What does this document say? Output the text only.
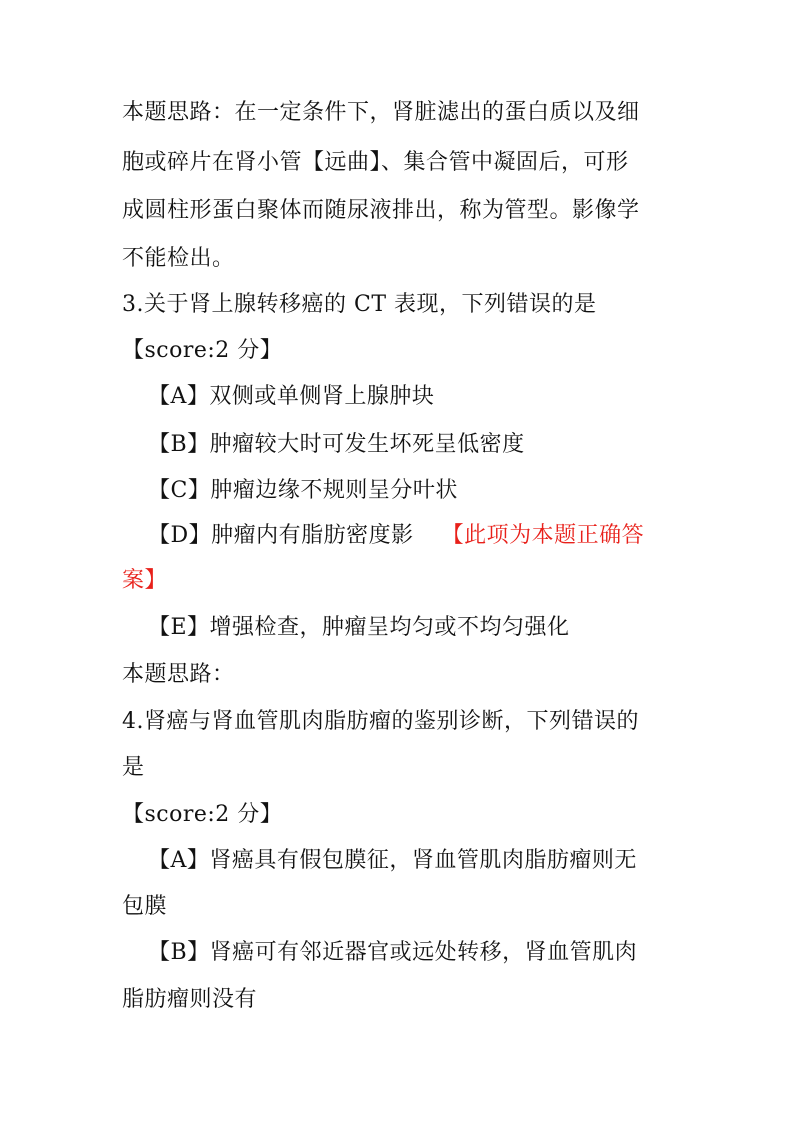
本题思路：在一定条件下，肾脏滤出的蛋白质以及细
胞或碎片在肾小管【远曲】、集合管中凝固后，可形
成圆柱形蛋白聚体而随尿液排出，称为管型。影像学
不能检出。
3.关于肾上腺转移癌的 CT 表现，下列错误的是
【score:2 分】
【A】双侧或单侧肾上腺肿块
【B】肿瘤较大时可发生坏死呈低密度
【C】肿瘤边缘不规则呈分叶状
【D】肿瘤内有脂肪密度影 【此项为本题正确答
案】
【E】增强检查，肿瘤呈均匀或不均匀强化
本题思路：
4.肾癌与肾血管肌肉脂肪瘤的鉴别诊断，下列错误的
是
【score:2 分】
【A】肾癌具有假包膜征，肾血管肌肉脂肪瘤则无
包膜
【B】肾癌可有邻近器官或远处转移，肾血管肌肉
脂肪瘤则没有
